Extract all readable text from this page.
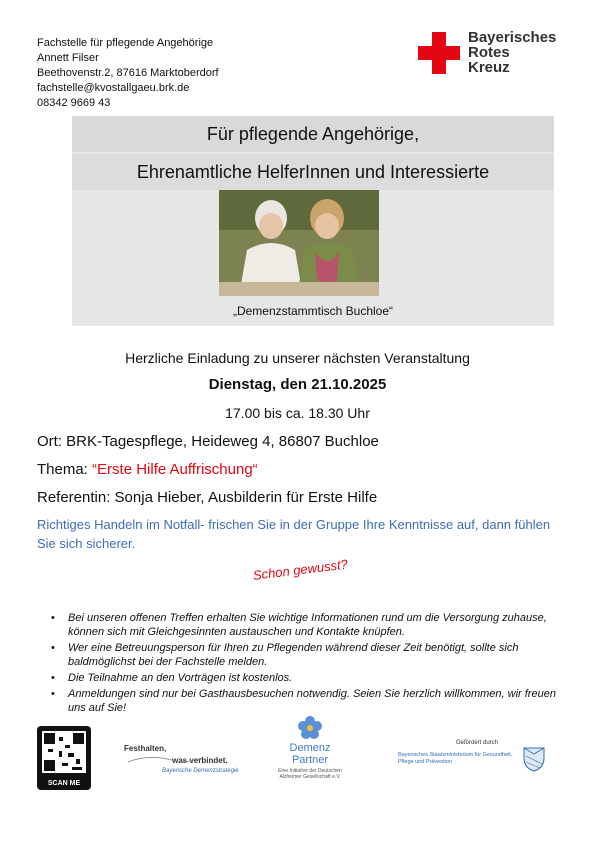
Fachstelle für pflegende Angehörige
Annett Filser
Beethovenstr.2, 87616 Marktoberdorf
fachstelle@kvostallgaeu.brk.de
08342 9669 43
Bayerisches
Rotes
Kreuz
Für pflegende Angehörige,
Ehrenamtliche HelferInnen und Interessierte
„Demenzstammtisch Buchloe“
Herzliche Einladung zu unserer nächsten Veranstaltung
Dienstag, den 21.10.2025
17.00 bis ca. 18.30 Uhr
Ort: BRK-Tagespflege, Heideweg 4, 86807 Buchloe
Thema: “Erste Hilfe Auffrischung“
Referentin: Sonja Hieber, Ausbilderin für Erste Hilfe
Richtiges Handeln im Notfall- frischen Sie in der Gruppe Ihre Kenntnisse auf, dann fühlen Sie sich sicherer.
Schon gewusst?
• Bei unseren offenen Treffen erhalten Sie wichtige Informationen rund um die Versorgung zuhause, können sich mit Gleichgesinnten austauschen und Kontakte knüpfen.
• Wer eine Betreuungsperson für Ihren zu Pflegenden während dieser Zeit benötigt, sollte sich baldmöglichst bei der Fachstelle melden.
• Die Teilnahme an den Vorträgen ist kostenlos.
• Anmeldungen sind nur bei Gasthausbesuchen notwendig. Seien Sie herzlich willkommen, wir freuen uns auf Sie!
SCAN ME
Festhalten,
was verbindet.
Bayerische Demenzstrategie
Demenz
Partner
Eine Initiative der Deutschen Alzheimer Gesellschaft e.V.
Gefördert durch
Bayerisches Staatsministerium für Gesundheit, Pflege und Prävention
